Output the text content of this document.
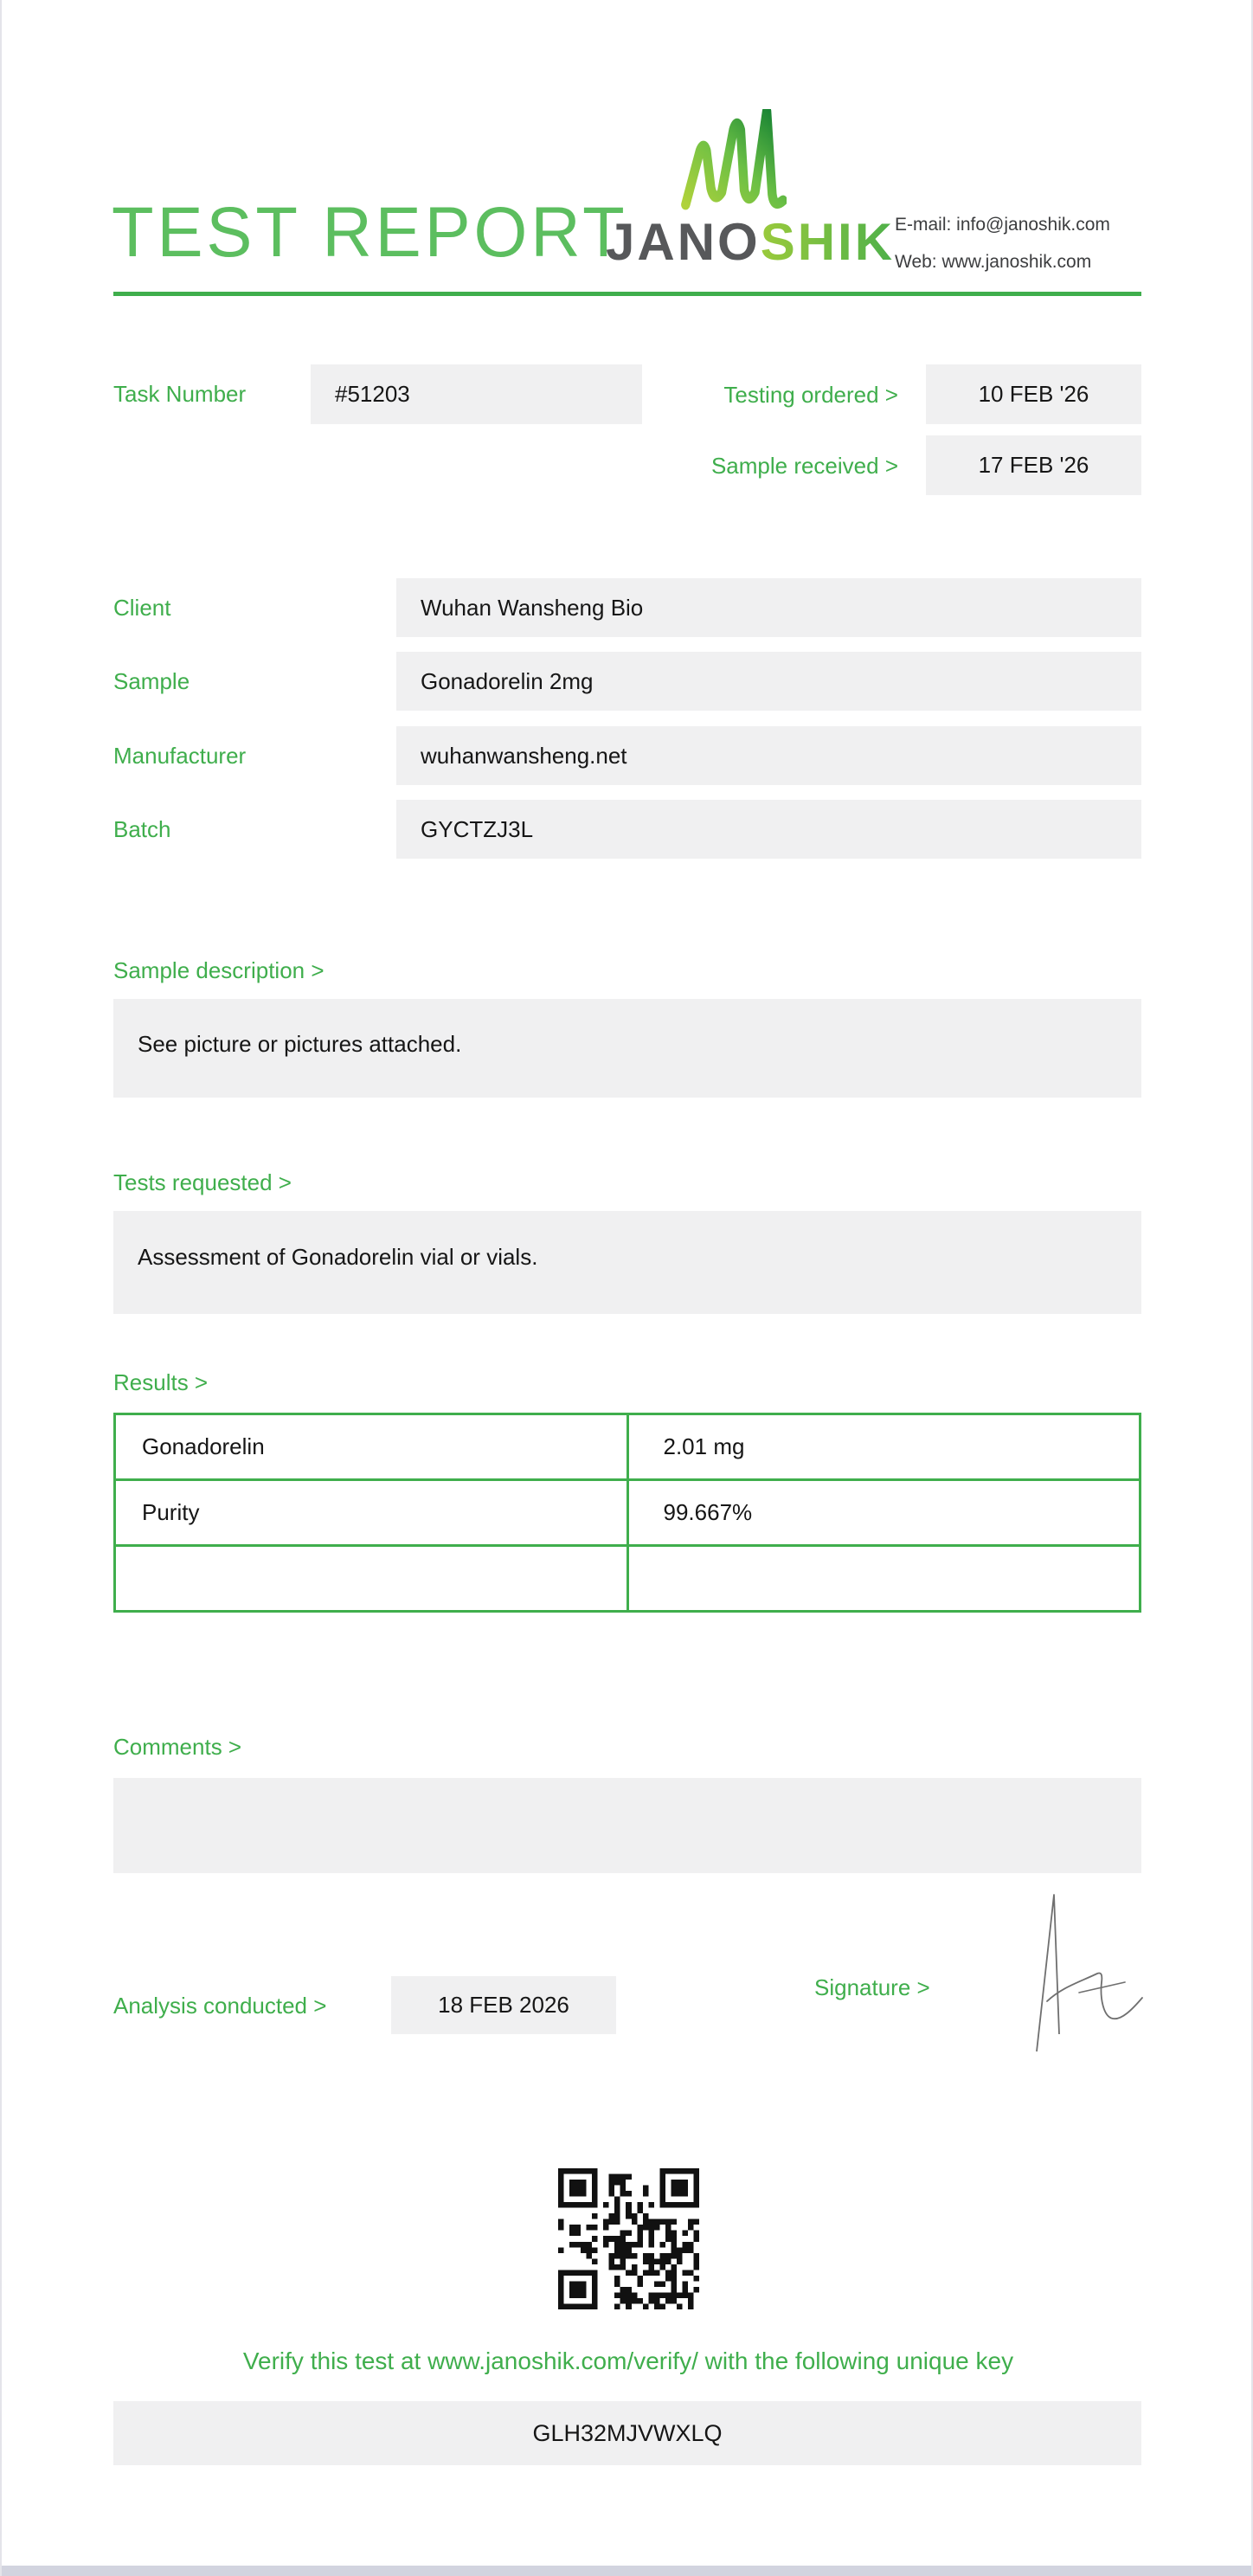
TEST REPORT
JANOSHIK E-mail: info@janoshik.com
Web: www.janoshik.com
Task Number	#51203	Testing ordered >	10 FEB '26
Sample received >	17 FEB '26
Client	Wuhan Wansheng Bio
Sample	Gonadorelin 2mg
Manufacturer	wuhanwansheng.net
Batch	GYCTZJ3L
Sample description >
See picture or pictures attached.
Tests requested >
Assessment of Gonadorelin vial or vials.
Results >
Gonadorelin	2.01 mg
Purity	99.667%

Comments >
Analysis conducted >	18 FEB 2026
Signature >
Verify this test at www.janoshik.com/verify/ with the following unique key
GLH32MJVWXLQ
